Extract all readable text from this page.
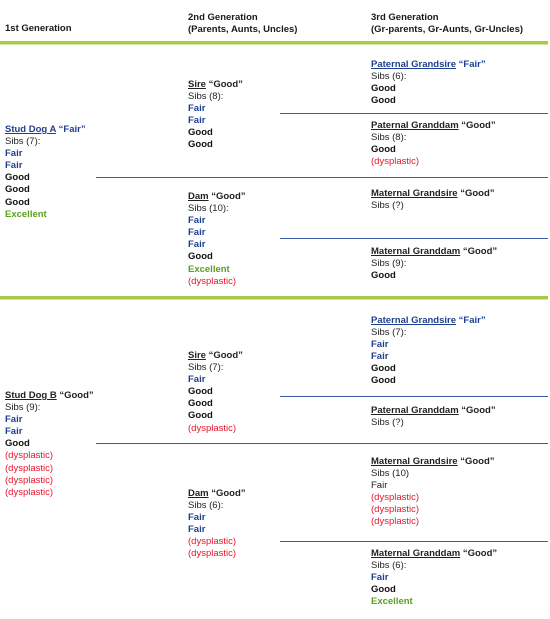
1st Generation
2nd Generation
(Parents, Aunts, Uncles)
3rd Generation
(Gr-parents, Gr-Aunts, Gr-Uncles)
Stud Dog A “Fair”
Sibs (7):
Fair
Fair
Good
Good
Good
Excellent
Sire “Good”
Sibs (8):
Fair
Fair
Good
Good
Dam “Good”
Sibs (10):
Fair
Fair
Fair
Good
Excellent
(dysplastic)
Paternal Grandsire “Fair”
Sibs (6):
Good
Good
Paternal Granddam “Good”
Sibs (8):
Good
(dysplastic)
Maternal Grandsire “Good”
Sibs (?)
Maternal Granddam “Good”
Sibs (9):
Good
Stud Dog B “Good”
Sibs (9):
Fair
Fair
Good
(dysplastic)
(dysplastic)
(dysplastic)
(dysplastic)
Sire “Good”
Sibs (7):
Fair
Good
Good
Good
(dysplastic)
Dam “Good”
Sibs (6):
Fair
Fair
(dysplastic)
(dysplastic)
Paternal Grandsire “Fair”
Sibs (7):
Fair
Fair
Good
Good
Paternal Granddam “Good”
Sibs (?)
Maternal Grandsire “Good”
Sibs (10)
Fair
(dysplastic)
(dysplastic)
(dysplastic)
Maternal Granddam “Good”
Sibs (6):
Fair
Good
Excellent
